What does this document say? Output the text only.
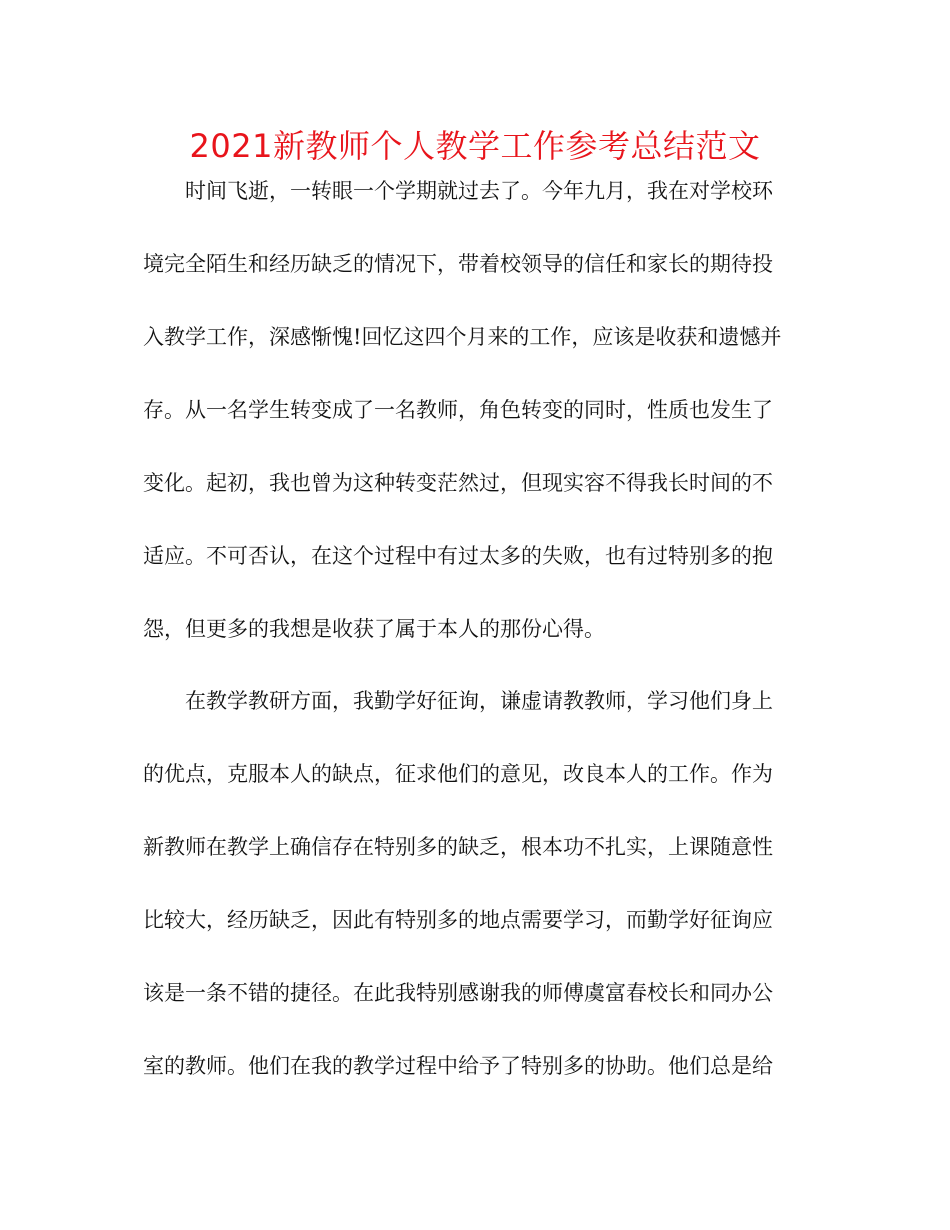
2021新教师个人教学工作参考总结范文
时间飞逝，一转眼一个学期就过去了。今年九月，我在对学校环
境完全陌生和经历缺乏的情况下，带着校领导的信任和家长的期待投
入教学工作，深感惭愧!回忆这四个月来的工作，应该是收获和遗憾并
存。从一名学生转变成了一名教师，角色转变的同时，性质也发生了
变化。起初，我也曾为这种转变茫然过，但现实容不得我长时间的不
适应。不可否认，在这个过程中有过太多的失败，也有过特别多的抱
怨，但更多的我想是收获了属于本人的那份心得。
在教学教研方面，我勤学好征询，谦虚请教教师，学习他们身上
的优点，克服本人的缺点，征求他们的意见，改良本人的工作。作为
新教师在教学上确信存在特别多的缺乏，根本功不扎实，上课随意性
比较大，经历缺乏，因此有特别多的地点需要学习，而勤学好征询应
该是一条不错的捷径。在此我特别感谢我的师傅虞富春校长和同办公
室的教师。他们在我的教学过程中给予了特别多的协助。他们总是给
